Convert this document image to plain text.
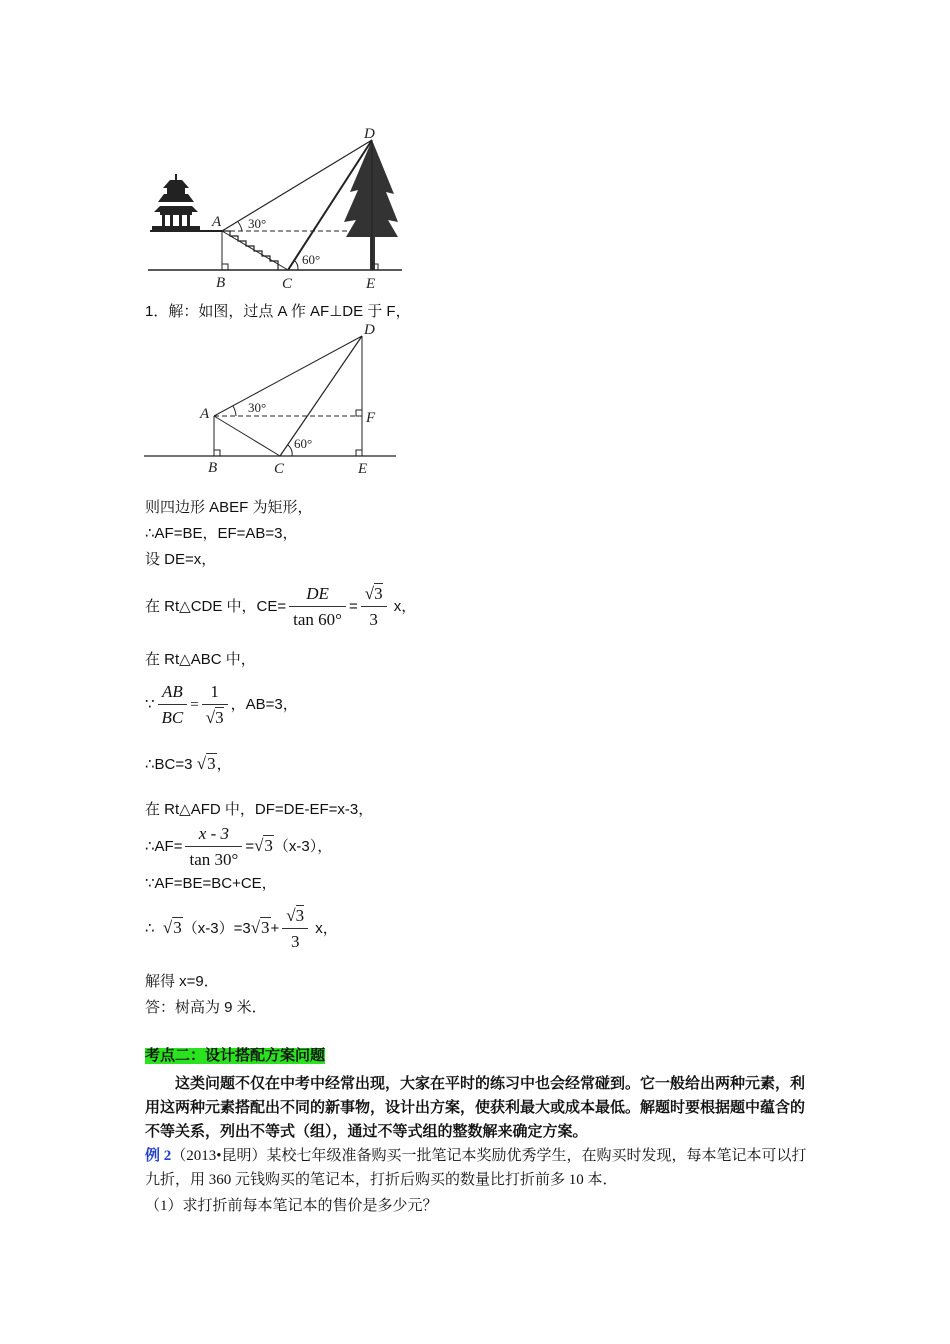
D
A 30°
60°
B	C	E
1．解：如图，过点 A 作 AF⊥DE 于 F，
D
A	F
30°
60°
B	C	E
则四边形 ABEF 为矩形，
∴AF=BE，EF=AB=3，
设 DE=x，
在 Rt△CDE 中，$CE= \frac{DE}{\tan 60^\circ} = \frac{√3}{3}$ x，
在 Rt△ABC 中，
∵ $\frac{AB}{BC} = \frac{1}{√3}$ ，AB=3，
∴BC=3 √3，
在 Rt△AFD 中，DF=DE-EF=x-3，
∴AF= $\frac{x - 3}{\tan 30^\circ} =√3(x-3)$，
∵AF=BE=BC+CE，
∴ $√3(x-3)=3√3+ \frac{√3}{3}$ x，
解得 x=9．
答：树高为 9 米．
考点二：设计搭配方案问题
这类问题不仅在中考中经常出现，大家在平时的练习中也会经常碰到。它一般给出两种元素，利用这两种元素搭配出不同的新事物，设计出方案，使获利最大或成本最低。解题时要根据题中蕴含的不等关系，列出不等式（组），通过不等式组的整数解来确定方案。
例 2（2013•昆明）某校七年级准备购买一批笔记本奖励优秀学生，在购买时发现，每本笔记本可以打九折，用 360 元钱购买的笔记本，打折后购买的数量比打折前多 10 本．
（1）求打折前每本笔记本的售价是多少元？
